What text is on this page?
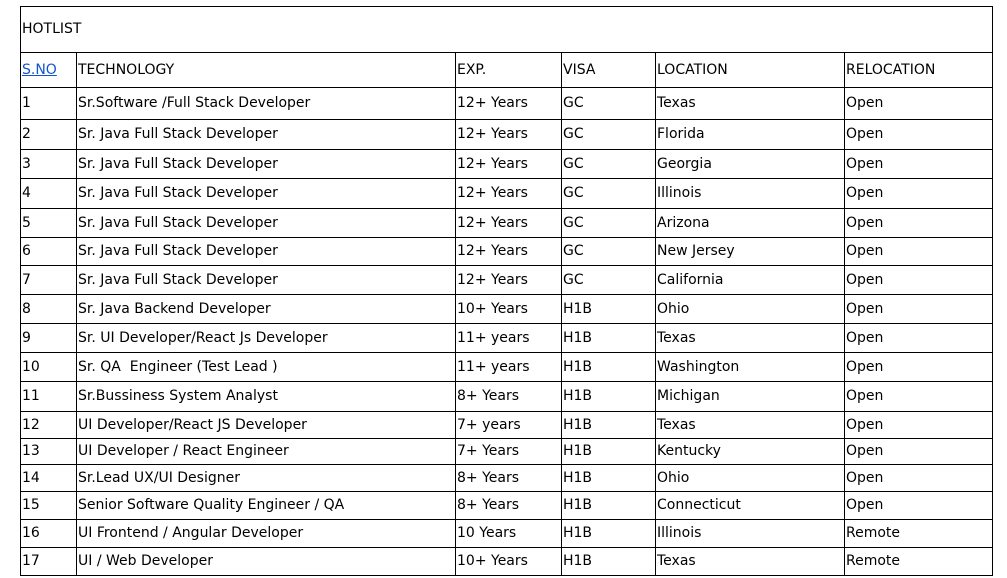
HOTLIST					
S.NO	TECHNOLOGY	EXP.	VISA	LOCATION	RELOCATION
1	Sr.Software /Full Stack Developer	12+ Years	GC	Texas	Open
2	Sr. Java Full Stack Developer	12+ Years	GC	Florida	Open
3	Sr. Java Full Stack Developer	12+ Years	GC	Georgia	Open
4	Sr. Java Full Stack Developer	12+ Years	GC	Illinois	Open
5	Sr. Java Full Stack Developer	12+ Years	GC	Arizona	Open
6	Sr. Java Full Stack Developer	12+ Years	GC	New Jersey	Open
7	Sr. Java Full Stack Developer	12+ Years	GC	California	Open
8	Sr. Java Backend Developer	10+ Years	H1B	Ohio	Open
9	Sr. UI Developer/React Js Developer	11+ years	H1B	Texas	Open
10	Sr. QA  Engineer (Test Lead )	11+ years	H1B	Washington	Open
11	Sr.Bussiness System Analyst	8+ Years	H1B	Michigan	Open
12	UI Developer/React JS Developer	7+ years	H1B	Texas	Open
13	UI Developer / React Engineer	7+ Years	H1B	Kentucky	Open
14	Sr.Lead UX/UI Designer	8+ Years	H1B	Ohio	Open
15	Senior Software Quality Engineer / QA	8+ Years	H1B	Connecticut	Open
16	UI Frontend / Angular Developer	10 Years	H1B	Illinois	Remote
17	UI / Web Developer	10+ Years	H1B	Texas	Remote
